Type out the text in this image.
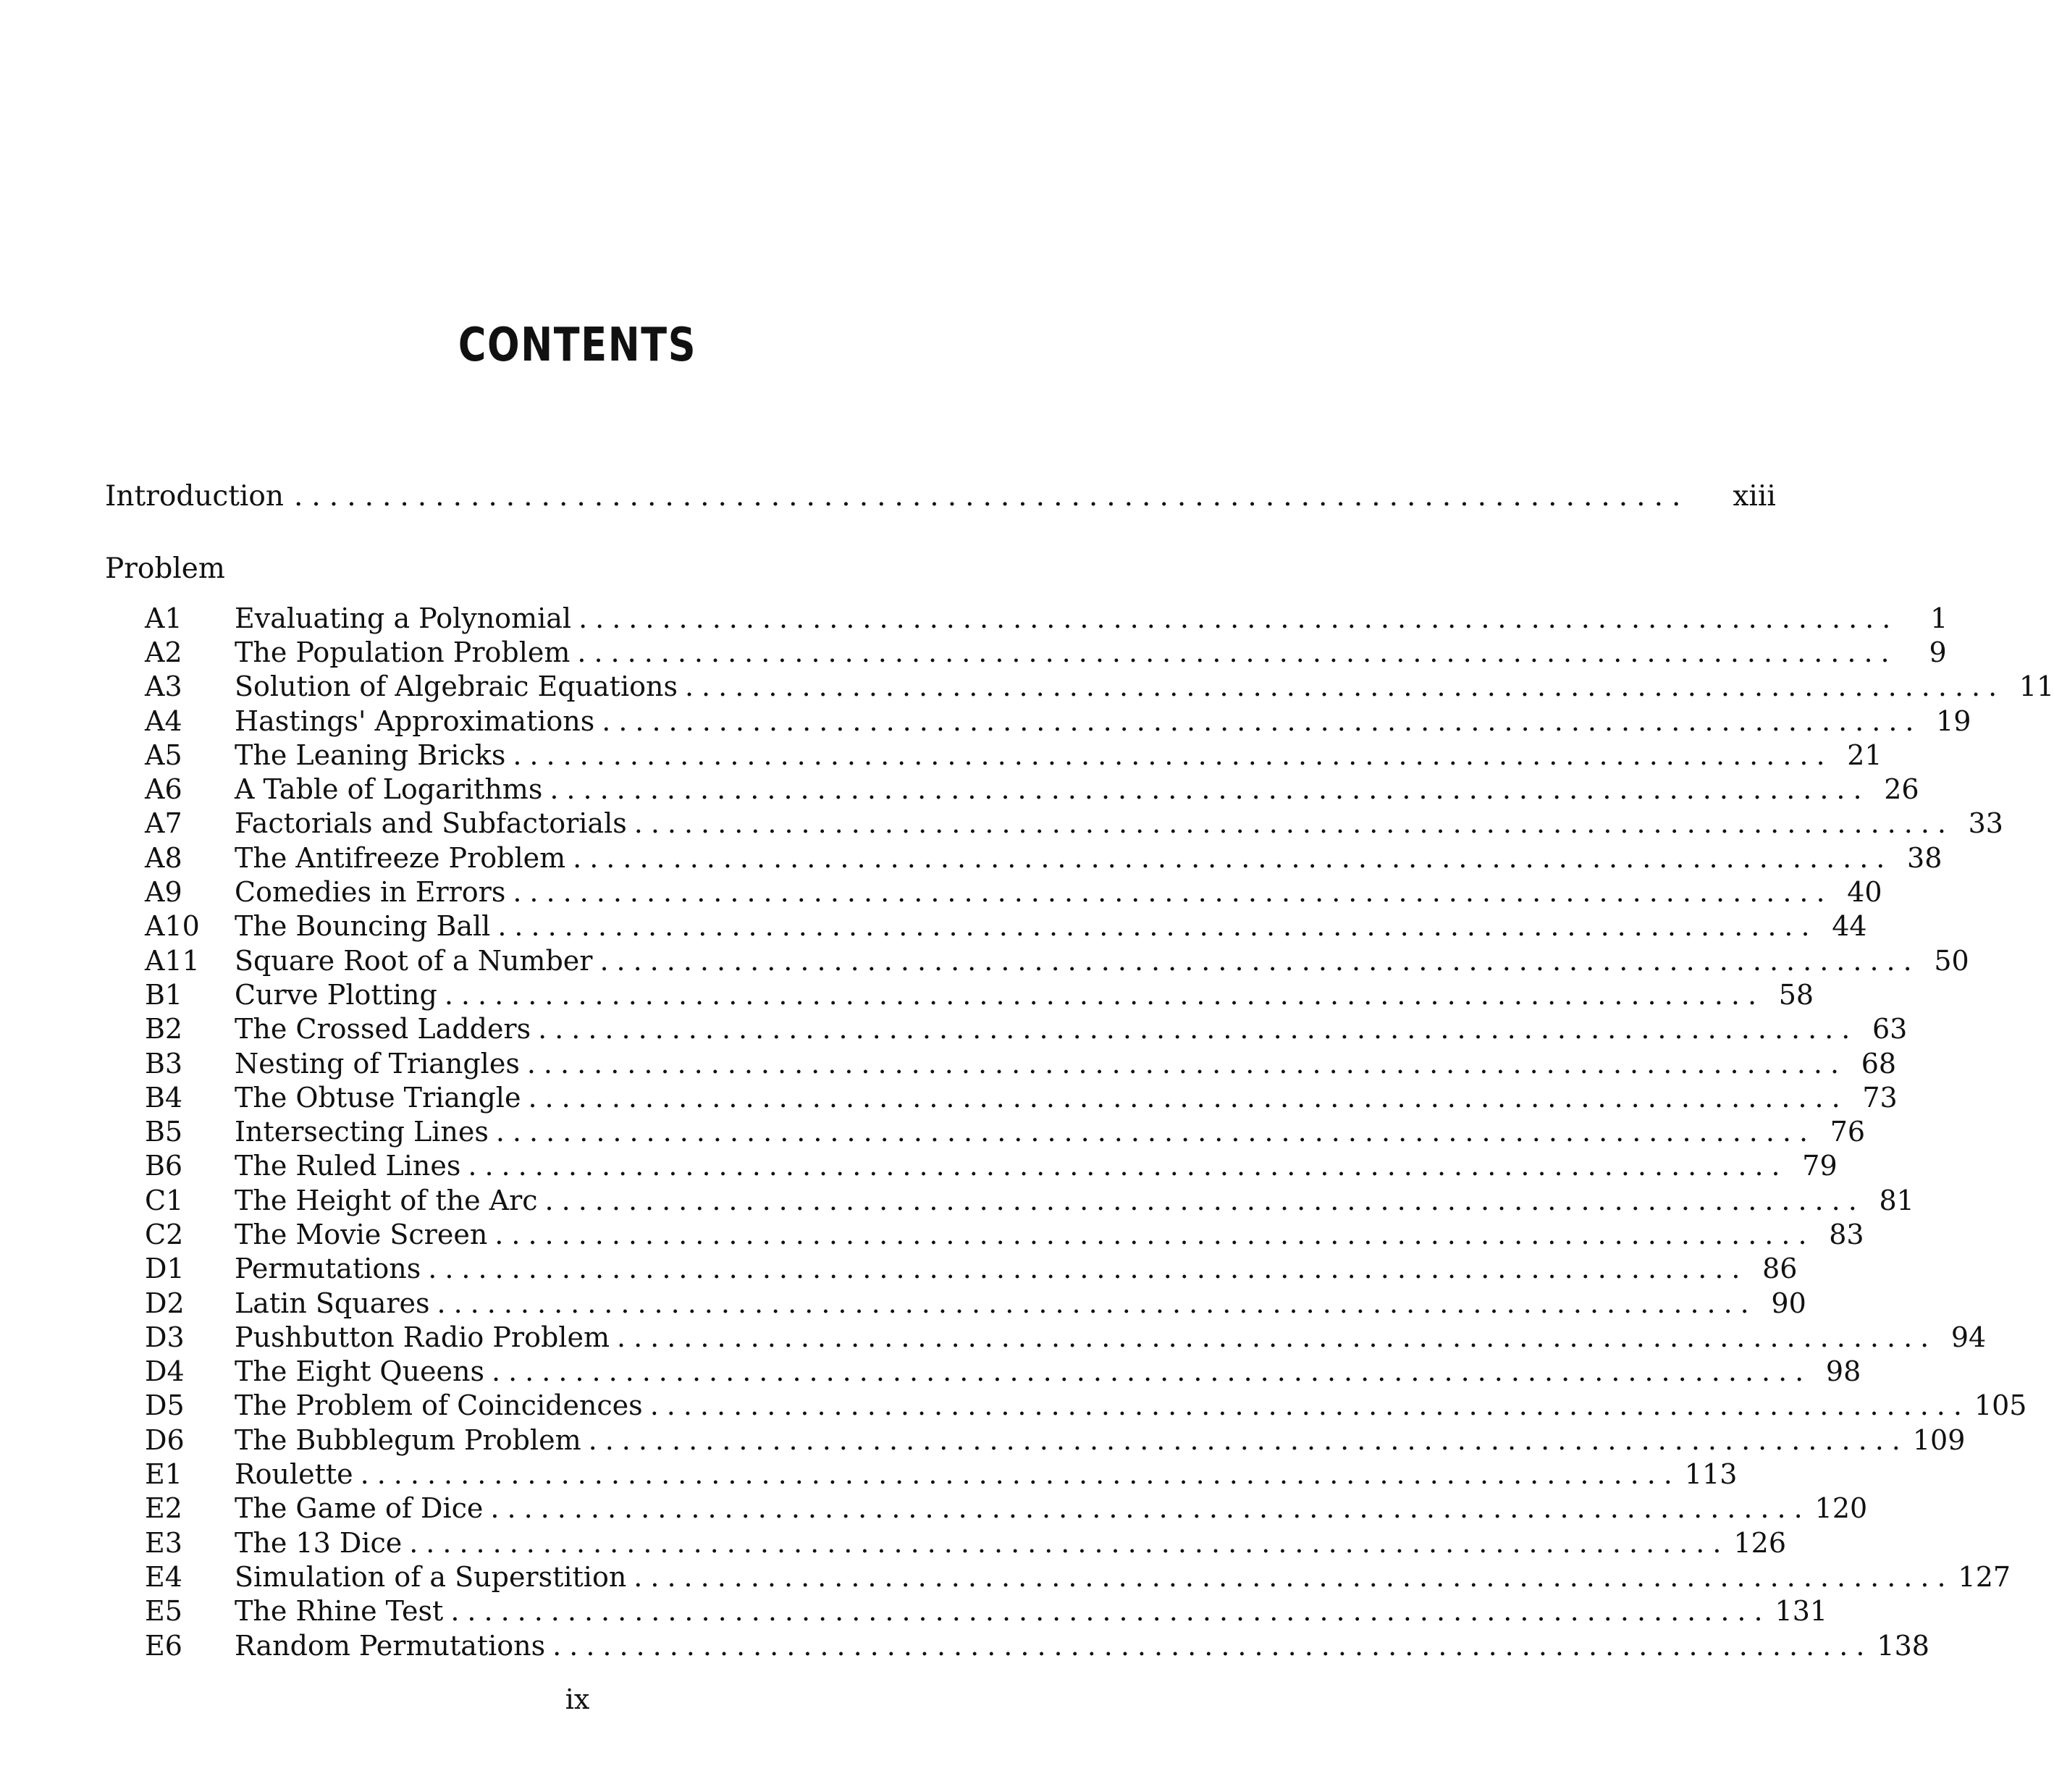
CONTENTS
Introduction ............................................................................... xiii
Problem
A1	Evaluating a Polynomial ...............................................................................	1
A2	The Population Problem ...............................................................................	9
A3	Solution of Algebraic Equations ............................................................................... 11
A4	Hastings' Approximations ............................................................................... 19
A5	The Leaning Bricks ............................................................................... 21
A6	A Table of Logarithms ............................................................................... 26
A7	Factorials and Subfactorials ............................................................................... 33
A8	The Antifreeze Problem ............................................................................... 38
A9	Comedies in Errors ............................................................................... 40
A10	The Bouncing Ball ............................................................................... 44
A11	Square Root of a Number ............................................................................... 50
B1	Curve Plotting ............................................................................... 58
B2	The Crossed Ladders ............................................................................... 63
B3	Nesting of Triangles ............................................................................... 68
B4	The Obtuse Triangle ............................................................................... 73
B5	Intersecting Lines ............................................................................... 76
B6	The Ruled Lines ............................................................................... 79
C1	The Height of the Arc ............................................................................... 81
C2	The Movie Screen ............................................................................... 83
D1	Permutations ............................................................................... 86
D2	Latin Squares ............................................................................... 90
D3	Pushbutton Radio Problem ............................................................................... 94
D4	The Eight Queens ............................................................................... 98
D5	The Problem of Coincidences ............................................................................... 105
D6	The Bubblegum Problem ............................................................................... 109
E1	Roulette ............................................................................... 113
E2	The Game of Dice ............................................................................... 120
E3	The 13 Dice ............................................................................... 126
E4	Simulation of a Superstition ............................................................................... 127
E5	The Rhine Test ............................................................................... 131
E6	Random Permutations ............................................................................... 138
ix
